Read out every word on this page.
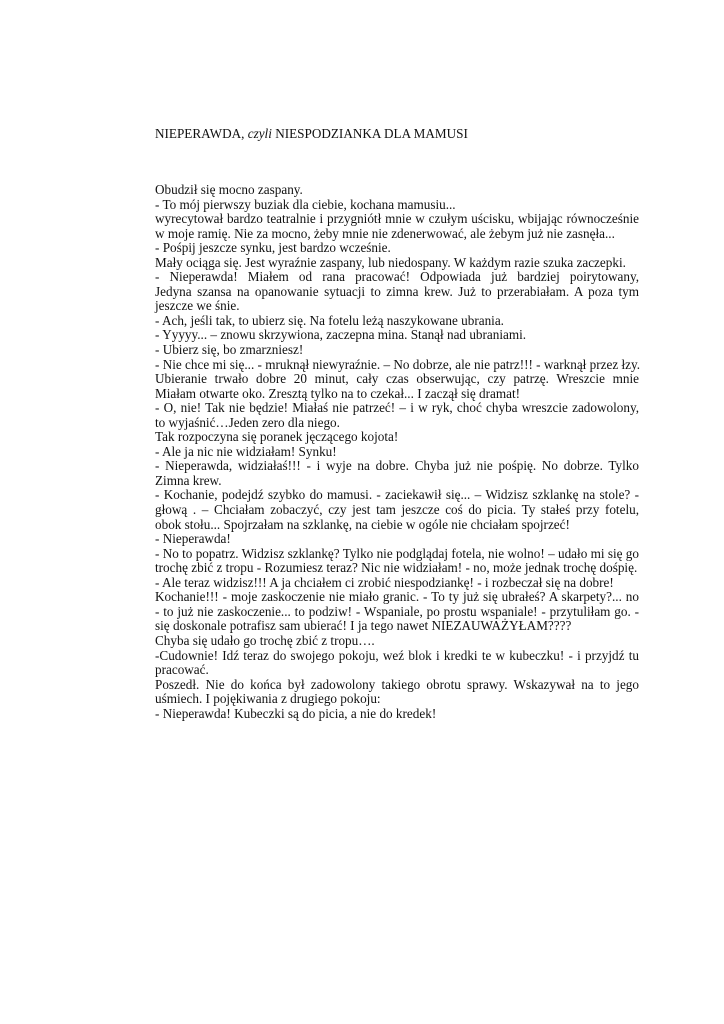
NIEPERAWDA, czyli NIESPODZIANKA DLA MAMUSI
Obudził się mocno zaspany.
- To mój pierwszy buziak dla ciebie, kochana mamusiu...
wyrecytował bardzo teatralnie i przygniótł mnie w czułym uścisku, wbijając równocześnie
w moje ramię. Nie za mocno, żeby mnie nie zdenerwować, ale żebym już nie zasnęła...
- Pośpij jeszcze synku, jest bardzo wcześnie.
Mały ociąga się. Jest wyraźnie zaspany, lub niedospany. W każdym razie szuka zaczepki.
- Nieperawda! Miałem od rana pracować! Odpowiada już bardziej poirytowany,
Jedyna szansa na opanowanie sytuacji to zimna krew. Już to przerabiałam. A poza tym
jeszcze we śnie.
- Ach, jeśli tak, to ubierz się. Na fotelu leżą naszykowane ubrania.
- Yyyyy... – znowu skrzywiona, zaczepna mina. Stanął nad ubraniami.
- Ubierz się, bo zmarzniesz!
- Nie chce mi się... - mruknął niewyraźnie. – No dobrze, ale nie patrz!!! - warknął przez łzy.
Ubieranie trwało dobre 20 minut, cały czas obserwując, czy patrzę. Wreszcie mnie
Miałam otwarte oko. Zresztą tylko na to czekał... I zaczął się dramat!
- O, nie! Tak nie będzie! Miałaś nie patrzeć! – i w ryk, choć chyba wreszcie zadowolony,
to wyjaśnić…Jeden zero dla niego.
Tak rozpoczyna się poranek jęczącego kojota!
- Ale ja nic nie widziałam! Synku!
- Nieperawda, widziałaś!!! - i wyje na dobre. Chyba już nie pośpię. No dobrze. Tylko
Zimna krew.
- Kochanie, podejdź szybko do mamusi. - zaciekawił się... – Widzisz szklankę na stole? -
głową . – Chciałam zobaczyć, czy jest tam jeszcze coś do picia. Ty stałeś przy fotelu,
obok stołu... Spojrzałam na szklankę, na ciebie w ogóle nie chciałam spojrzeć!
- Nieperawda!
- No to popatrz. Widzisz szklankę? Tylko nie podglądaj fotela, nie wolno! – udało mi się go
trochę zbić z tropu - Rozumiesz teraz? Nic nie widziałam! - no, może jednak trochę dośpię.
- Ale teraz widzisz!!! A ja chciałem ci zrobić niespodziankę! - i rozbeczał się na dobre!
Kochanie!!! - moje zaskoczenie nie miało granic. - To ty już się ubrałeś? A skarpety?... no
- to już nie zaskoczenie... to podziw! - Wspaniale, po prostu wspaniale! - przytuliłam go. -
się doskonale potrafisz sam ubierać! I ja tego nawet NIEZAUWAŻYŁAM????
Chyba się udało go trochę zbić z tropu….
-Cudownie! Idź teraz do swojego pokoju, weź blok i kredki te w kubeczku! - i przyjdź tu
pracować.
Poszedł. Nie do końca był zadowolony takiego obrotu sprawy. Wskazywał na to jego
uśmiech. I pojękiwania z drugiego pokoju:
- Nieperawda! Kubeczki są do picia, a nie do kredek!
